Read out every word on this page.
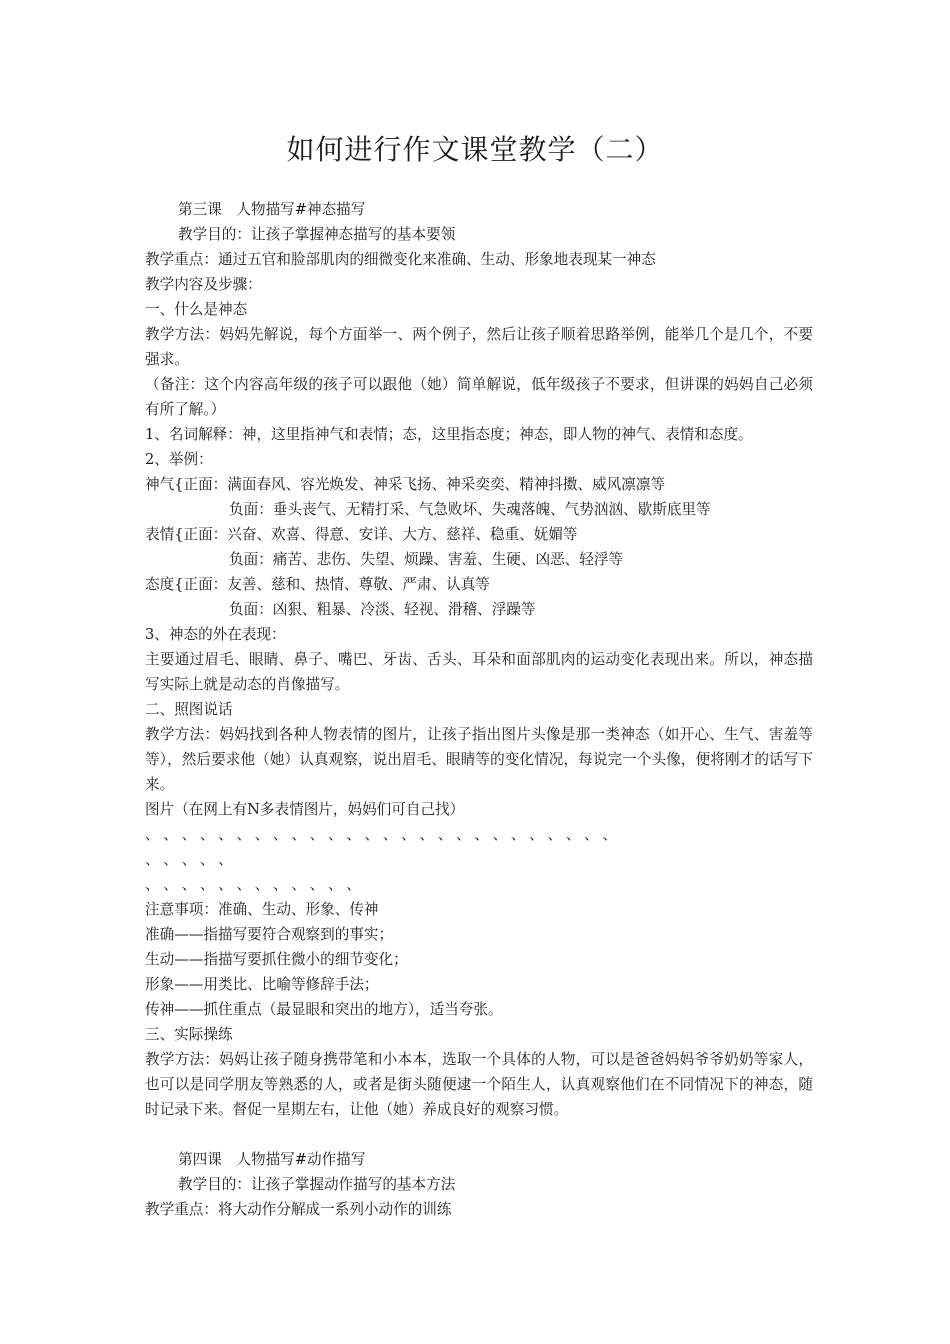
如何进行作文课堂教学（二）
第三课　人物描写#神态描写
教学目的：让孩子掌握神态描写的基本要领
教学重点：通过五官和脸部肌肉的细微变化来准确、生动、形象地表现某一神态
教学内容及步骤：
一、什么是神态
教学方法：妈妈先解说，每个方面举一、两个例子，然后让孩子顺着思路举例，能举几个是几个，不要强求。
（备注：这个内容高年级的孩子可以跟他（她）简单解说，低年级孩子不要求，但讲课的妈妈自己必须有所了解。）
1、名词解释：神，这里指神气和表情；态，这里指态度；神态，即人物的神气、表情和态度。
2、举例：
神气{正面：满面春风、容光焕发、神采飞扬、神采奕奕、精神抖擞、威风凛凛等
负面：垂头丧气、无精打采、气急败坏、失魂落魄、气势汹汹、歇斯底里等
表情{正面：兴奋、欢喜、得意、安详、大方、慈祥、稳重、妩媚等
负面：痛苦、悲伤、失望、烦躁、害羞、生硬、凶恶、轻浮等
态度{正面：友善、慈和、热情、尊敬、严肃、认真等
负面：凶狠、粗暴、冷淡、轻视、滑稽、浮躁等
3、神态的外在表现：
主要通过眉毛、眼睛、鼻子、嘴巴、牙齿、舌头、耳朵和面部肌肉的运动变化表现出来。所以，神态描写实际上就是动态的肖像描写。
二、照图说话
教学方法：妈妈找到各种人物表情的图片，让孩子指出图片头像是那一类神态（如开心、生气、害羞等等），然后要求他（她）认真观察，说出眉毛、眼睛等的变化情况，每说完一个头像，便将刚才的话写下来。
图片（在网上有N多表情图片，妈妈们可自己找）
、、、、、、、、、、、、、、、、、、、、、、、、、、
、、、、、
、、、、、、、、、、、、
注意事项：准确、生动、形象、传神
准确——指描写要符合观察到的事实；
生动——指描写要抓住微小的细节变化；
形象——用类比、比喻等修辞手法；
传神——抓住重点（最显眼和突出的地方），适当夸张。
三、实际操练
教学方法：妈妈让孩子随身携带笔和小本本，选取一个具体的人物，可以是爸爸妈妈爷爷奶奶等家人，也可以是同学朋友等熟悉的人，或者是街头随便逮一个陌生人，认真观察他们在不同情况下的神态，随时记录下来。督促一星期左右，让他（她）养成良好的观察习惯。
第四课　人物描写#动作描写
教学目的：让孩子掌握动作描写的基本方法
教学重点：将大动作分解成一系列小动作的训练
